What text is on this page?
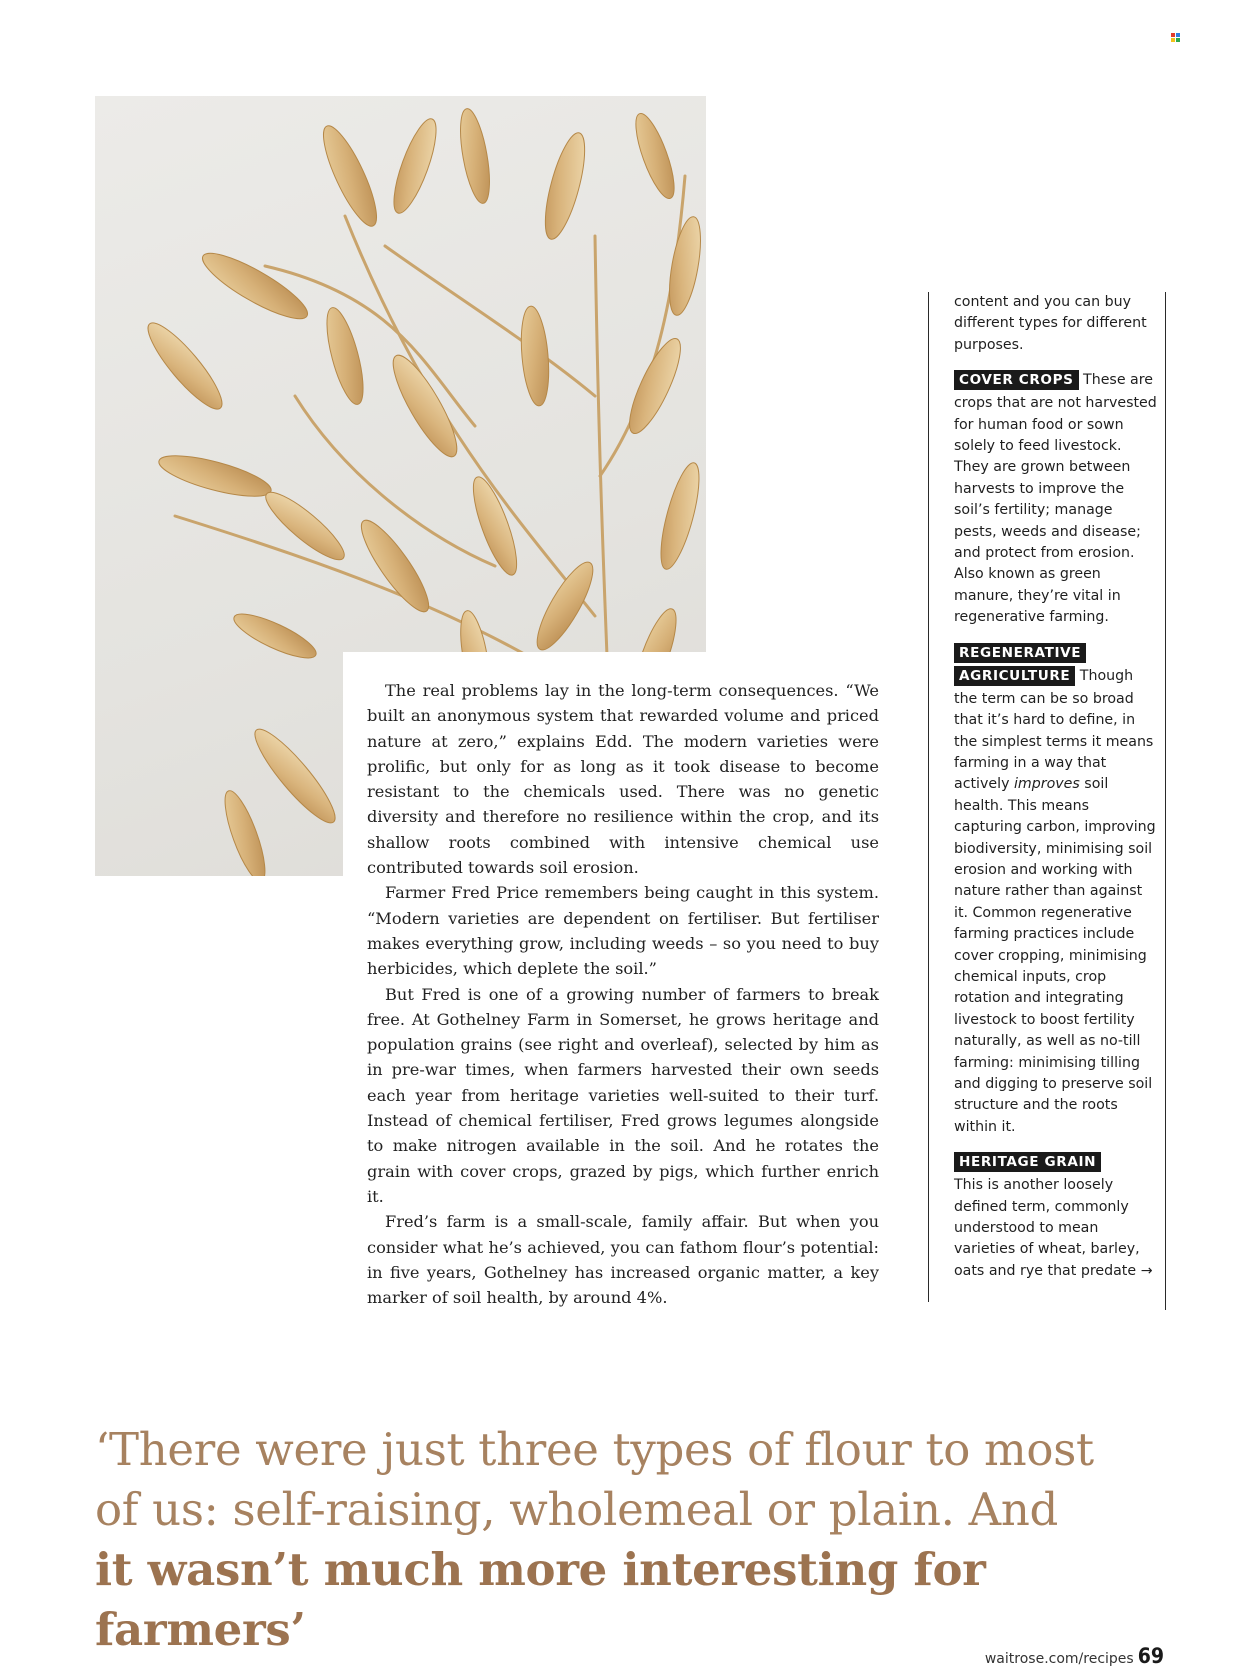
The real problems lay in the long-term consequences. “We built an anonymous system that rewarded volume and priced nature at zero,” explains Edd. The modern varieties were prolific, but only for as long as it took disease to become resistant to the chemicals used. There was no genetic diversity and therefore no resilience within the crop, and its shallow roots combined with intensive chemical use contributed towards soil erosion.

Farmer Fred Price remembers being caught in this system. “Modern varieties are dependent on fertiliser. But fertiliser makes everything grow, including weeds – so you need to buy herbicides, which deplete the soil.”

But Fred is one of a growing number of farmers to break free. At Gothelney Farm in Somerset, he grows heritage and population grains (see right and overleaf), selected by him as in pre-war times, when farmers harvested their own seeds each year from heritage varieties well-suited to their turf. Instead of chemical fertiliser, Fred grows legumes alongside to make nitrogen available in the soil. And he rotates the grain with cover crops, grazed by pigs, which further enrich it.

Fred’s farm is a small-scale, family affair. But when you consider what he’s achieved, you can fathom flour’s potential: in five years, Gothelney has increased organic matter, a key marker of soil health, by around 4%.

content and you can buy different types for different purposes.

COVER CROPS These are crops that are not harvested for human food or sown solely to feed livestock. They are grown between harvests to improve the soil’s fertility; manage pests, weeds and disease; and protect from erosion. Also known as green manure, they’re vital in regenerative farming.

REGENERATIVE
AGRICULTURE Though the term can be so broad that it’s hard to define, in the simplest terms it means farming in a way that actively improves soil health. This means capturing carbon, improving biodiversity, minimising soil erosion and working with nature rather than against it. Common regenerative farming practices include cover cropping, minimising chemical inputs, crop rotation and integrating livestock to boost fertility naturally, as well as no-till farming: minimising tilling and digging to preserve soil structure and the roots within it.

HERITAGE GRAIN
This is another loosely defined term, commonly understood to mean varieties of wheat, barley, oats and rye that predate →

‘There were just three types of flour to most of us: self-raising, wholemeal or plain. And it wasn’t much more interesting for farmers’
waitrose.com/recipes 69
